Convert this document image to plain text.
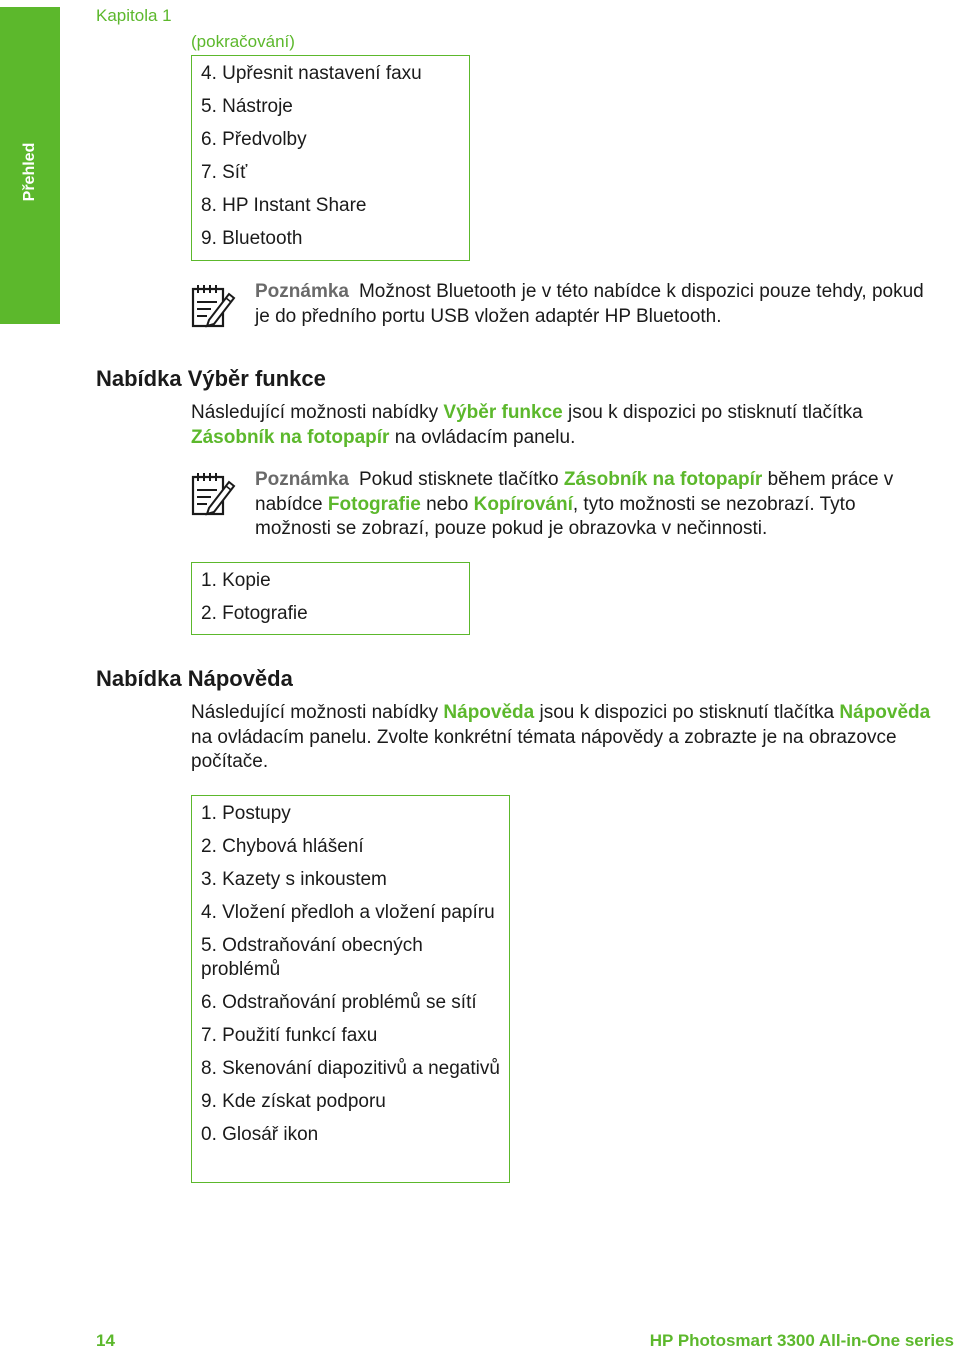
Přehled
Kapitola 1
(pokračování)
4. Upřesnit nastavení faxu
5. Nástroje
6. Předvolby
7. Síť
8. HP Instant Share
9. Bluetooth
Poznámka Možnost Bluetooth je v této nabídce k dispozici pouze tehdy, pokud je do předního portu USB vložen adaptér HP Bluetooth.
Nabídka Výběr funkce
Následující možnosti nabídky Výběr funkce jsou k dispozici po stisknutí tlačítka Zásobník na fotopapír na ovládacím panelu.
Poznámka Pokud stisknete tlačítko Zásobník na fotopapír během práce v nabídce Fotografie nebo Kopírování, tyto možnosti se nezobrazí. Tyto možnosti se zobrazí, pouze pokud je obrazovka v nečinnosti.
1. Kopie
2. Fotografie
Nabídka Nápověda
Následující možnosti nabídky Nápověda jsou k dispozici po stisknutí tlačítka Nápověda na ovládacím panelu. Zvolte konkrétní témata nápovědy a zobrazte je na obrazovce počítače.
1. Postupy
2. Chybová hlášení
3. Kazety s inkoustem
4. Vložení předloh a vložení papíru
5. Odstraňování obecných problémů
6. Odstraňování problémů se sítí
7. Použití funkcí faxu
8. Skenování diapozitivů a negativů
9. Kde získat podporu
0. Glosář ikon
14	HP Photosmart 3300 All-in-One series
